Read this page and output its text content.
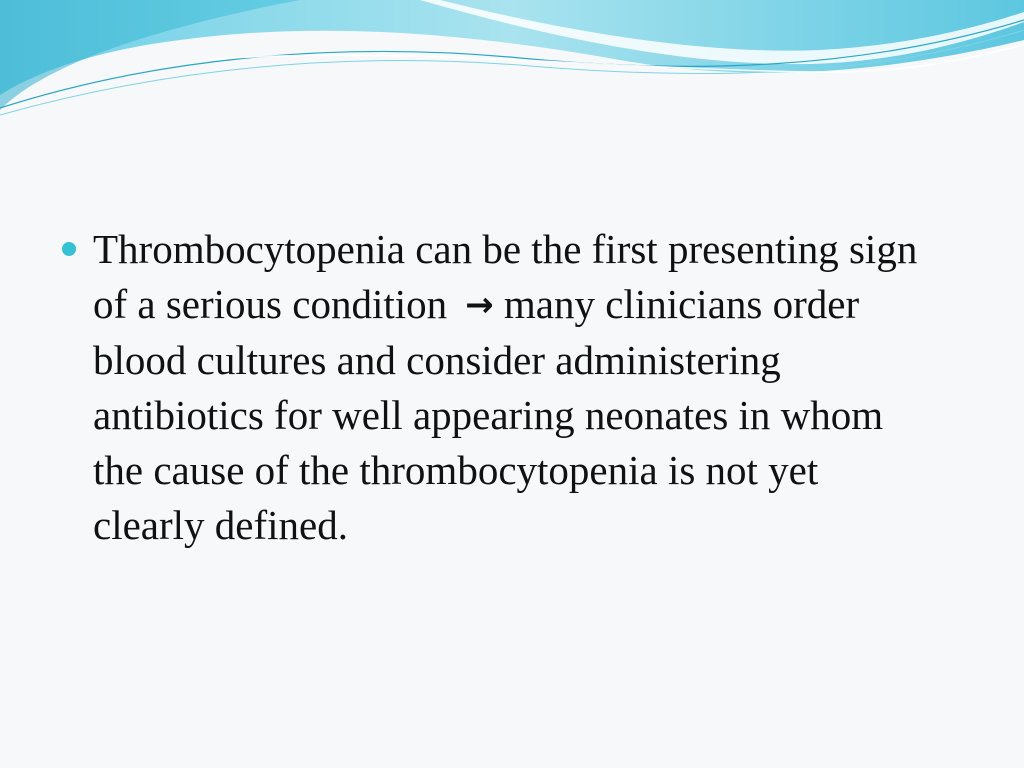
Thrombocytopenia can be the first presenting sign of a serious condition → many clinicians order blood cultures and consider administering antibiotics for well appearing neonates in whom the cause of the thrombocytopenia is not yet clearly defined.
